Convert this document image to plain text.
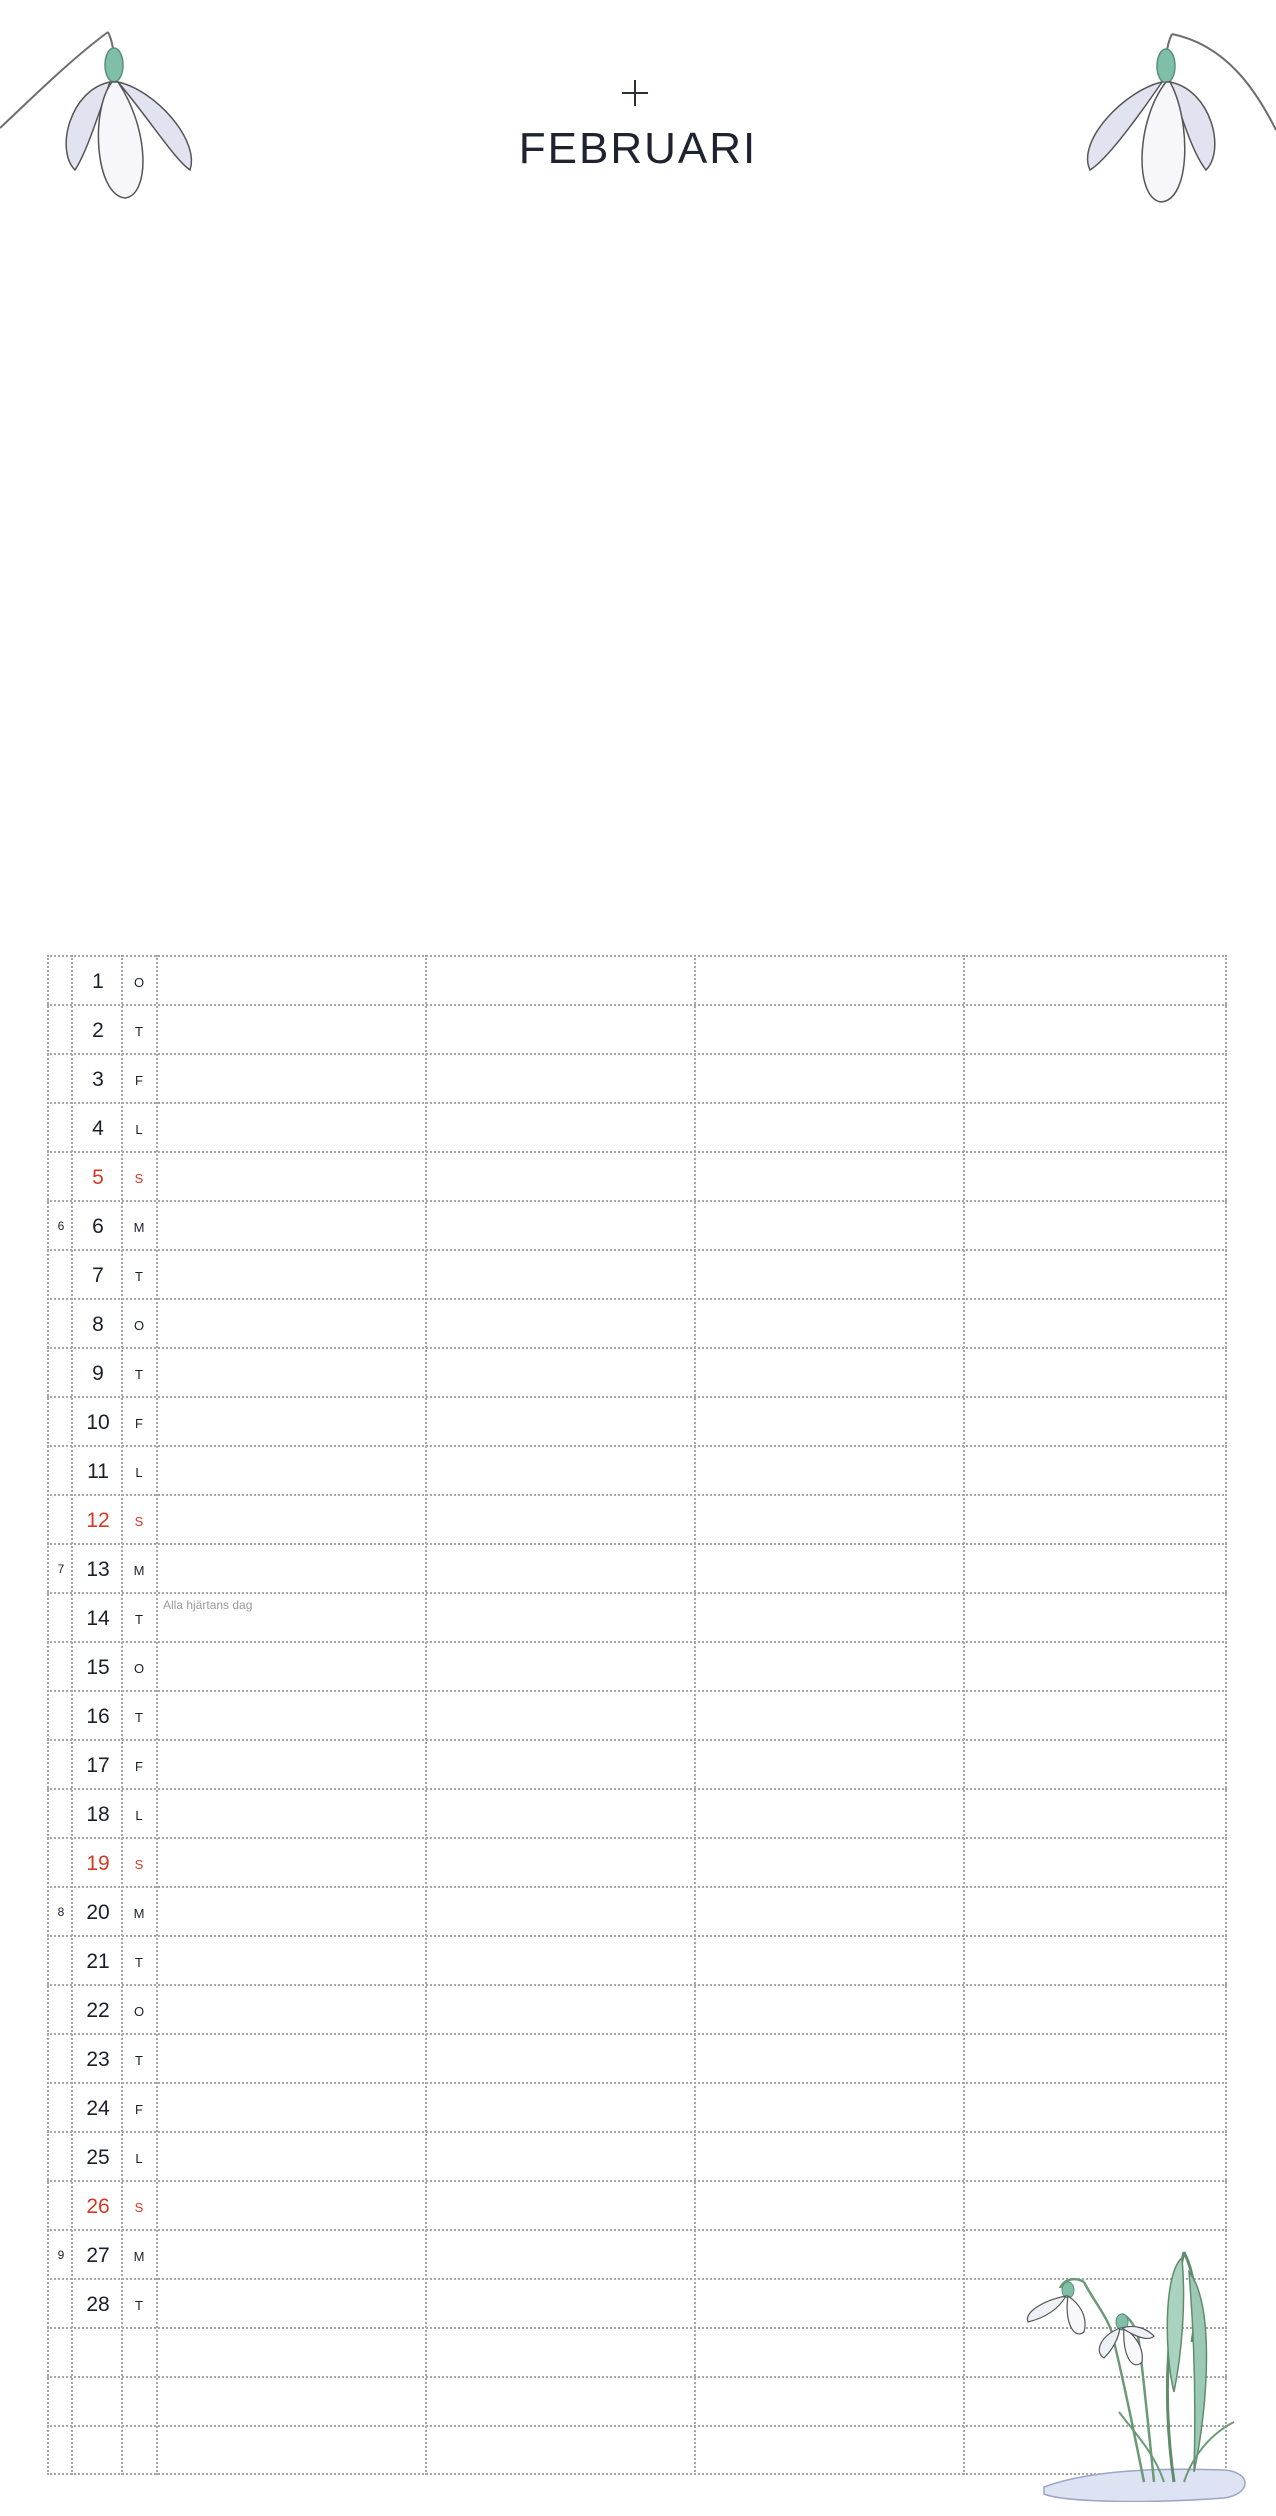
FEBRUARI
1	O
2	T
3	F
4	L
5	S
6	6	M
7	T
8	O
9	T
10	F
11	L
12	S
7	13	M
14	T
Alla hjärtans dag
15	O
16	T
17	F
18	L
19	S
8	20	M
21	T
22	O
23	T
24	F
25	L
26	S
9	27	M
28	T
